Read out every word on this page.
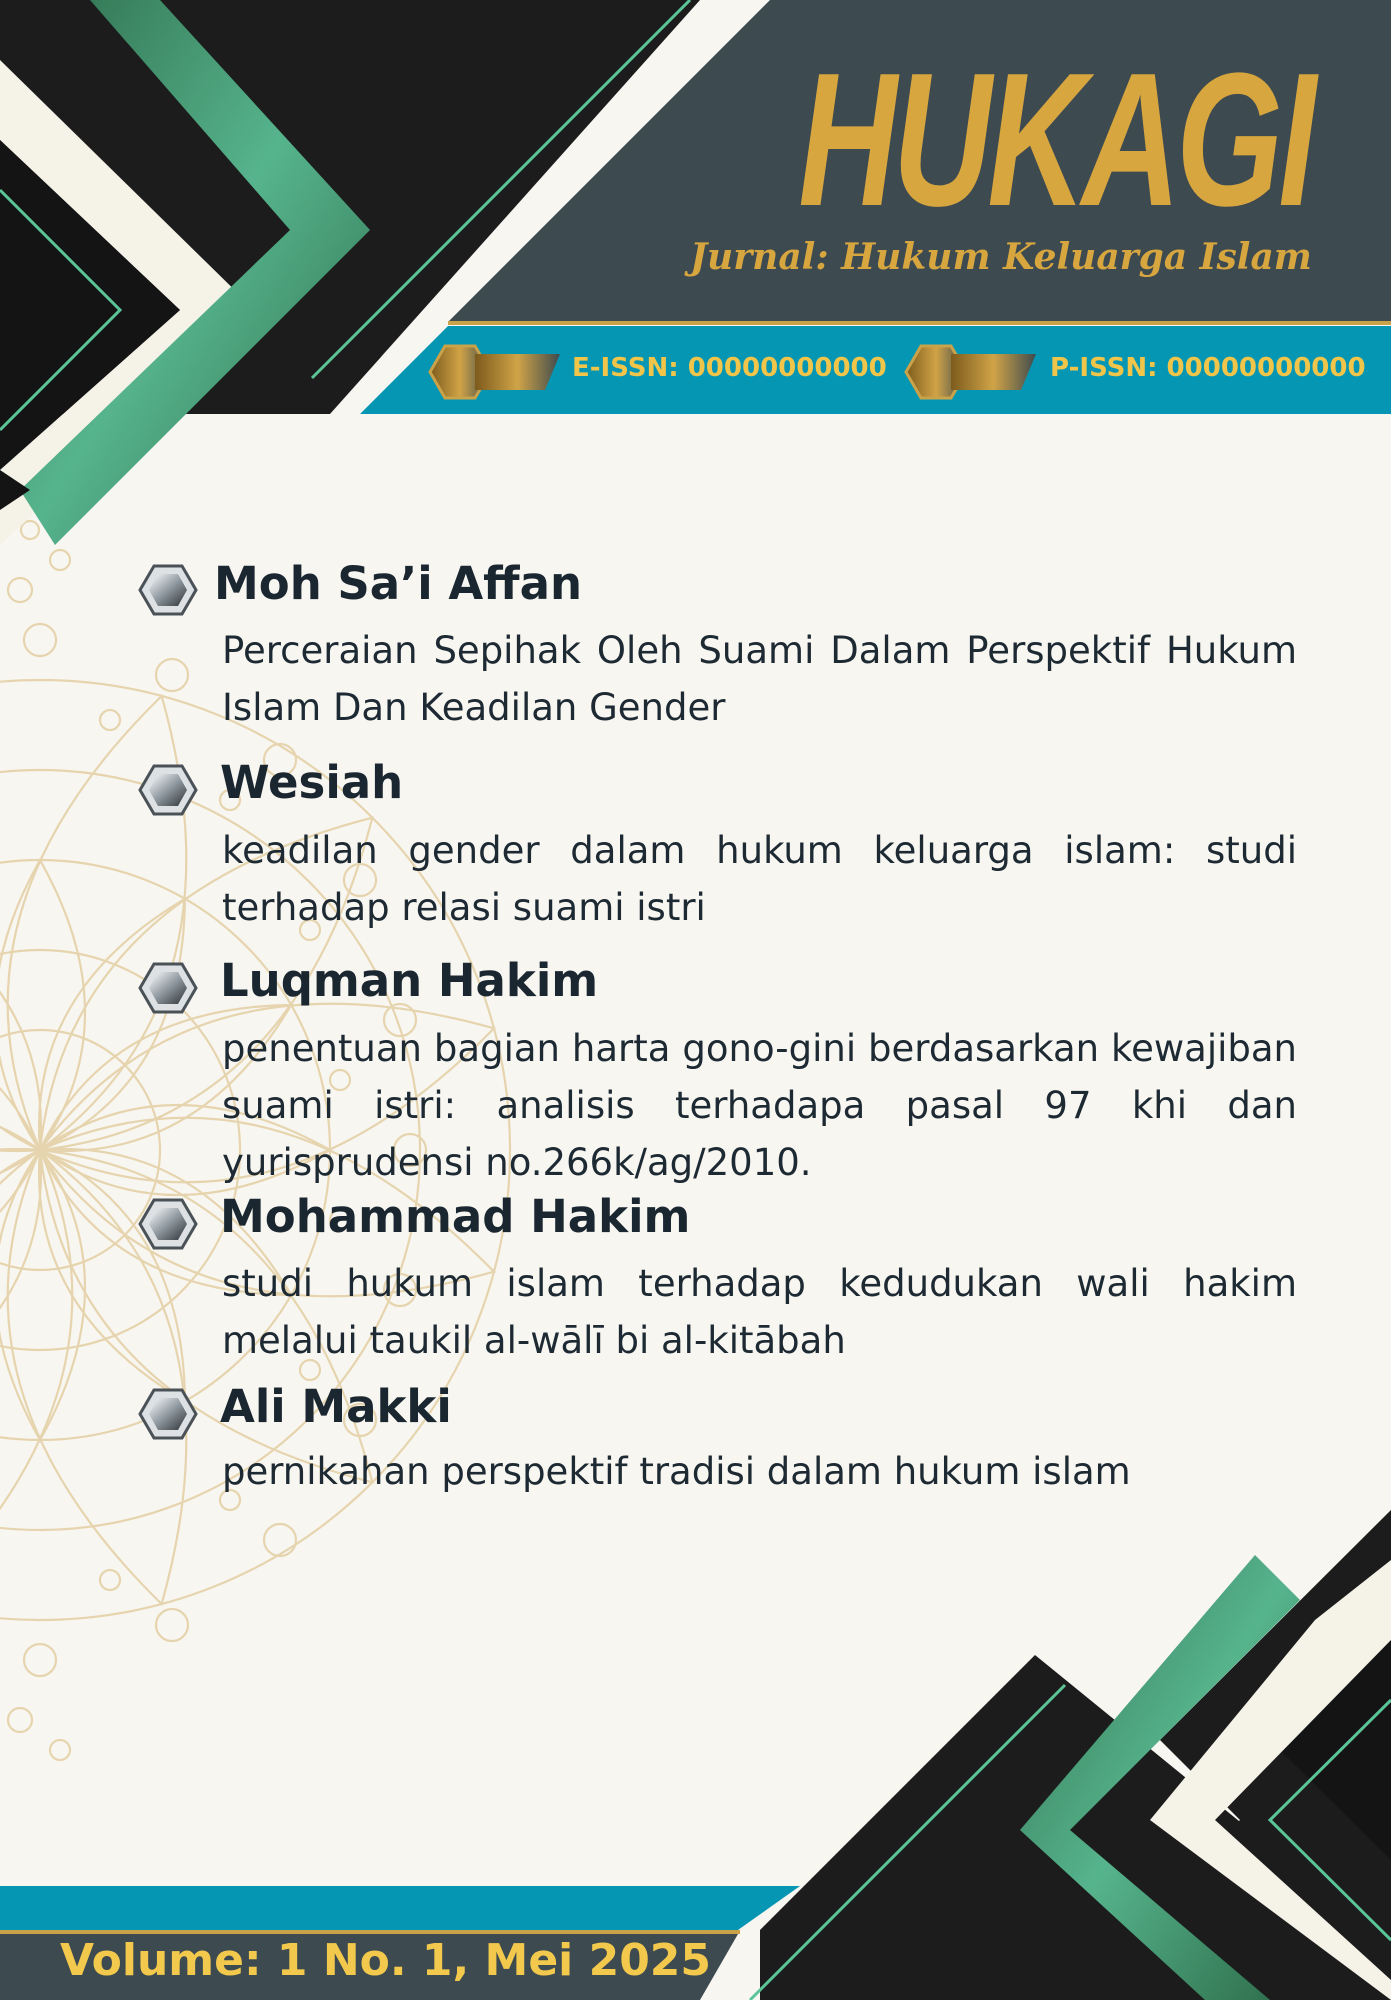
HUKAGI
Jurnal: Hukum Keluarga Islam
E-ISSN: 00000000000	P-ISSN: 00000000000
Moh Sa’i Affan
Perceraian Sepihak Oleh Suami Dalam Perspektif Hukum Islam Dan Keadilan Gender
Wesiah
keadilan gender dalam hukum keluarga islam: studi terhadap relasi suami istri
Luqman Hakim
penentuan bagian harta gono-gini berdasarkan kewajiban suami istri: analisis terhadapa pasal 97 khi dan yurisprudensi no.266k/ag/2010.
Mohammad Hakim
studi hukum islam terhadap kedudukan wali hakim melalui taukil al-wālī bi al-kitābah
Ali Makki
pernikahan perspektif tradisi dalam hukum islam
Volume: 1 No. 1, Mei 2025
